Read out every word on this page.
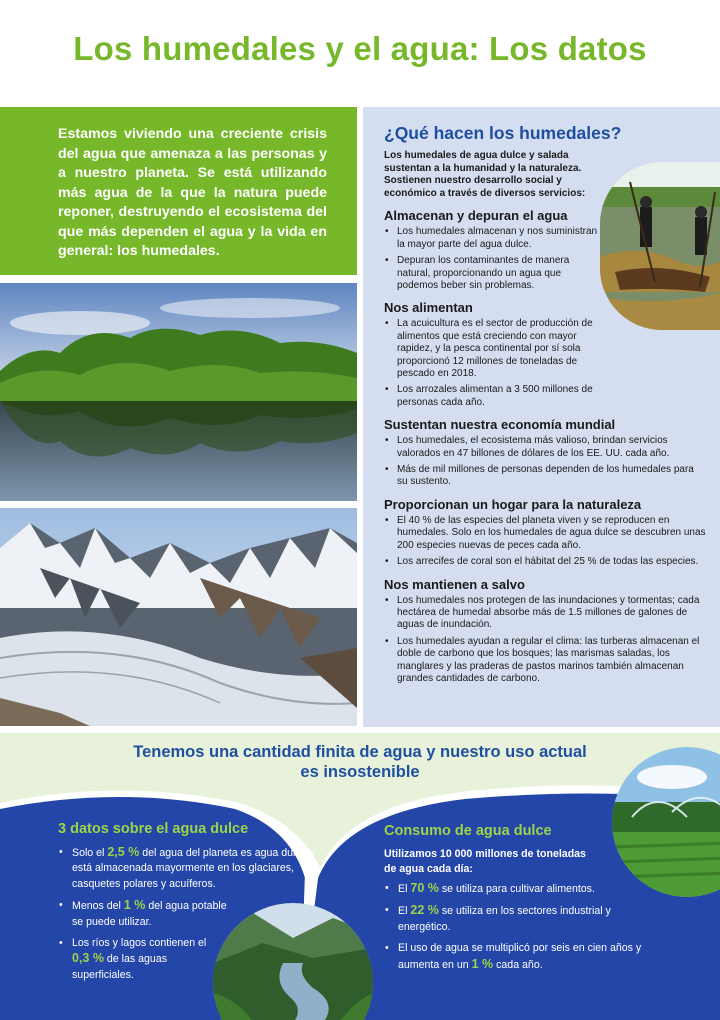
Los humedales y el agua: Los datos
Estamos viviendo una creciente crisis del agua que amenaza a las personas y a nuestro planeta. Se está utilizando más agua de la que la natura puede reponer, destruyendo el ecosistema del que más dependen el agua y la vida en general: los humedales.
¿Qué hacen los humedales?
Los humedales de agua dulce y salada sustentan a la humanidad y la naturaleza. Sostienen nuestro desarrollo social y económico a través de diversos servicios:
Almacenan y depuran el agua
• Los humedales almacenan y nos suministran la mayor parte del agua dulce.
• Depuran los contaminantes de manera natural, proporcionando un agua que podemos beber sin problemas.
Nos alimentan
• La acuicultura es el sector de producción de alimentos que está creciendo con mayor rapidez, y la pesca continental por sí sola proporcionó 12 millones de toneladas de pescado en 2018.
• Los arrozales alimentan a 3 500 millones de personas cada año.
Sustentan nuestra economía mundial
• Los humedales, el ecosistema más valioso, brindan servicios valorados en 47 billones de dólares de los EE. UU. cada año.
• Más de mil millones de personas dependen de los humedales para su sustento.
Proporcionan un hogar para la naturaleza
• El 40 % de las especies del planeta viven y se reproducen en humedales. Solo en los humedales de agua dulce se descubren unas 200 especies nuevas de peces cada año.
• Los arrecifes de coral son el hábitat del 25 % de todas las especies.
Nos mantienen a salvo
• Los humedales nos protegen de las inundaciones y tormentas; cada hectárea de humedal absorbe más de 1.5 millones de galones de aguas de inundación.
• Los humedales ayudan a regular el clima: las turberas almacenan el doble de carbono que los bosques; las marismas saladas, los manglares y las praderas de pastos marinos también almacenan grandes cantidades de carbono.
Tenemos una cantidad finita de agua y nuestro uso actual
es insostenible
3 datos sobre el agua dulce
• Solo el 2,5 % del agua del planeta es agua dulce y está almacenada mayormente en los glaciares, casquetes polares y acuíferos.
• Menos del 1 % del agua potable se puede utilizar.
• Los ríos y lagos contienen el 0,3 % de las aguas superficiales.
Consumo de agua dulce
Utilizamos 10 000 millones de toneladas de agua cada día:
• El 70 % se utiliza para cultivar alimentos.
• El 22 % se utiliza en los sectores industrial y energético.
• El uso de agua se multiplicó por seis en cien años y aumenta en un 1 % cada año.
